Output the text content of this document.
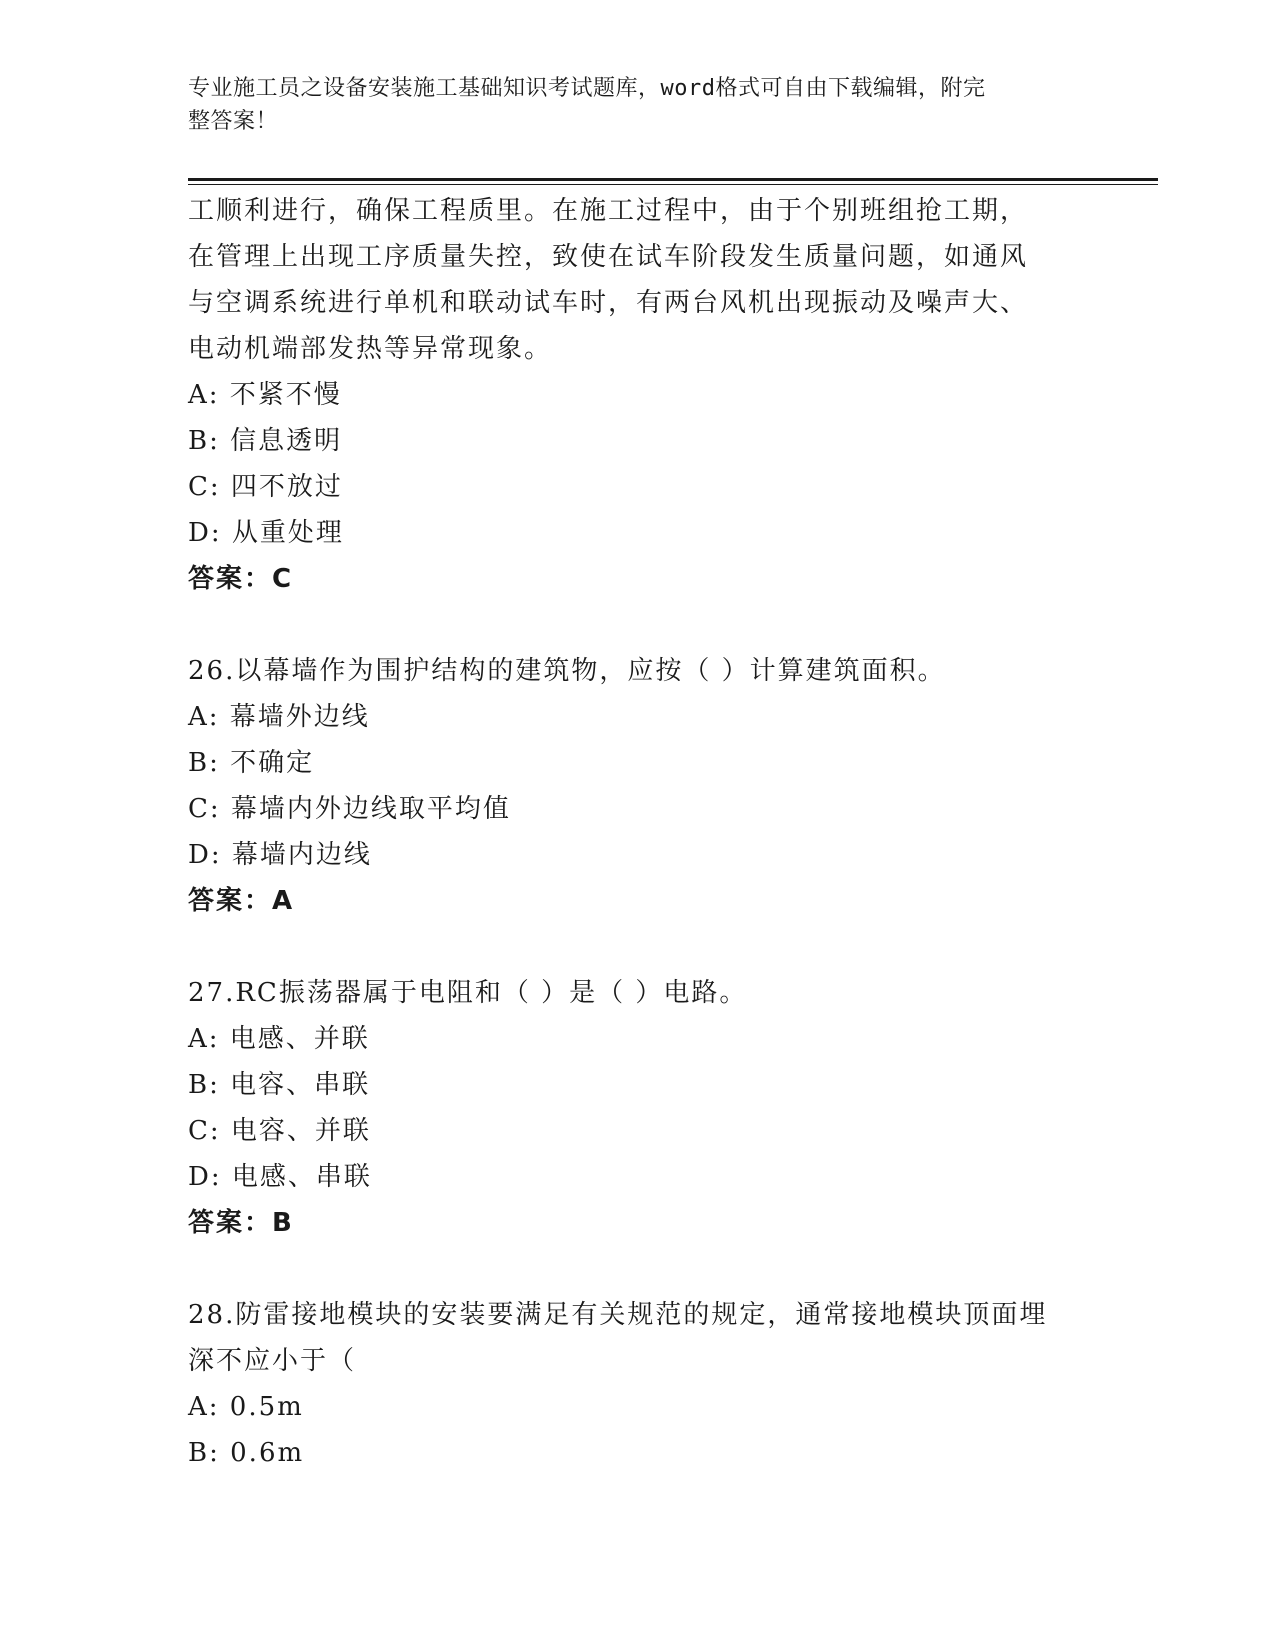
专业施工员之设备安装施工基础知识考试题库，word格式可自由下载编辑，附完
整答案！
工顺利进行，确保工程质里。在施工过程中，由于个别班组抢工期，
在管理上出现工序质量失控，致使在试车阶段发生质量问题，如通风
与空调系统进行单机和联动试车时，有两台风机出现振动及噪声大、
电动机端部发热等异常现象。
A: 不紧不慢
B: 信息透明
C: 四不放过
D: 从重处理
答案：C
26.以幕墙作为围护结构的建筑物，应按（ ）计算建筑面积。
A: 幕墙外边线
B: 不确定
C: 幕墙内外边线取平均值
D: 幕墙内边线
答案：A
27.RC振荡器属于电阻和（ ）是（ ）电路。
A: 电感、并联
B: 电容、串联
C: 电容、并联
D: 电感、串联
答案：B
28.防雷接地模块的安装要满足有关规范的规定，通常接地模块顶面埋
深不应小于（
A: 0.5m
B: 0.6m
